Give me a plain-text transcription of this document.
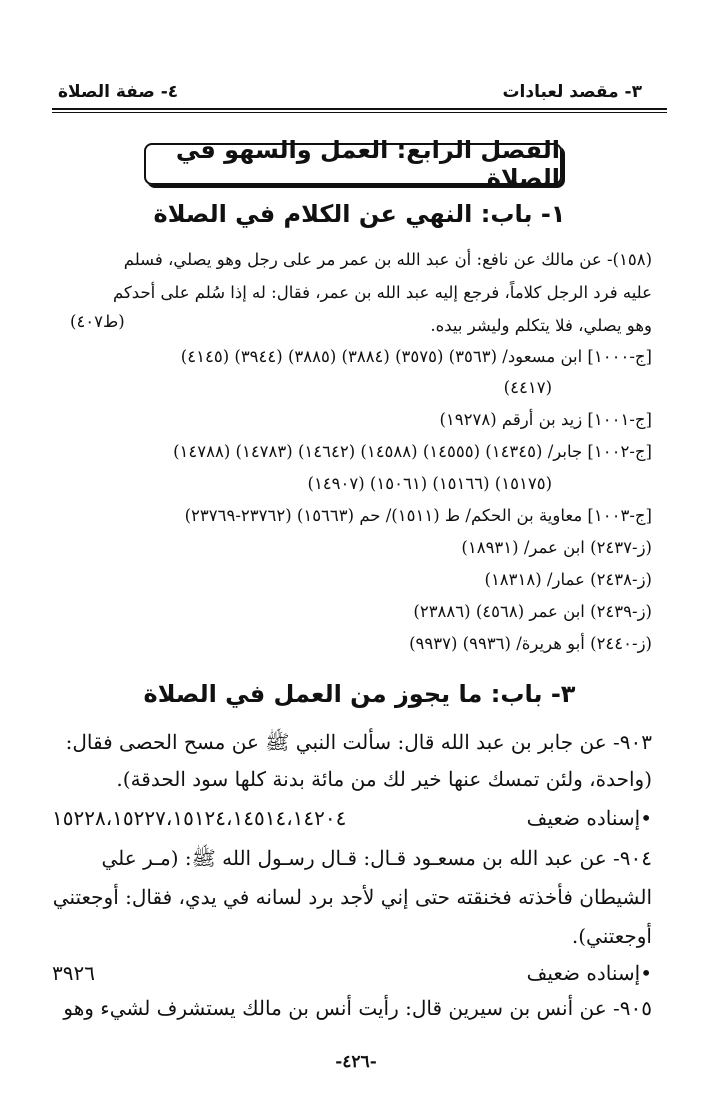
٣- مقصد لعبادات
٤- صفة الصلاة
الفصل الرابع: العمل والسهو في الصلاة
١- باب: النهي عن الكلام في الصلاة
(١٥٨)- عن مالك عن نافع: أن عبد الله بن عمر مر على رجل وهو يصلي، فسلم
عليه فرد الرجل كلاماً، فرجع إليه عبد الله بن عمر، فقال: له إذا سُلم على أحدكم
وهو يصلي، فلا يتكلم وليشر بيده.
(ط٤٠٧)
[ج-١٠٠٠] ابن مسعود/ (٣٥٦٣) (٣٥٧٥) (٣٨٨٤) (٣٨٨٥) (٣٩٤٤) (٤١٤٥)
(٤٤١٧)
[ج-١٠٠١] زيد بن أرقم (١٩٢٧٨)
[ج-١٠٠٢] جابر/ (١٤٣٤٥) (١٤٥٥٥) (١٤٥٨٨) (١٤٦٤٢) (١٤٧٨٣) (١٤٧٨٨)
(١٤٩٠٧) (١٥٠٦١) (١٥١٦٦) (١٥١٧٥)
[ج-١٠٠٣] معاوية بن الحكم/ ط (١٥١١)/ حم (١٥٦٦٣) (٢٣٧٦٢-٢٣٧٦٩)
(ز-٢٤٣٧) ابن عمر/ (١٨٩٣١)
(ز-٢٤٣٨) عمار/ (١٨٣١٨)
(ز-٢٤٣٩) ابن عمر (٤٥٦٨) (٢٣٨٨٦)
(ز-٢٤٤٠) أبو هريرة/ (٩٩٣٦) (٩٩٣٧)
٣- باب: ما يجوز من العمل في الصلاة
٩٠٣- عن جابر بن عبد الله قال: سألت النبي ﷺ عن مسح الحصى فقال:
(واحدة، ولئن تمسك عنها خير لك من مائة بدنة كلها سود الحدقة).
•إسناده ضعيف
١٥٢٢٨،١٥٢٢٧،١٥١٢٤،١٤٥١٤،١٤٢٠٤
٩٠٤- عن عبد الله بن مسعـود قـال: قـال رسـول الله ﷺ: (مـر علي
الشيطان فأخذته فخنقته حتى إني لأجد برد لسانه في يدي، فقال: أوجعتني
أوجعتني).
•إسناده ضعيف
٣٩٢٦
٩٠٥- عن أنس بن سيرين قال: رأيت أنس بن مالك يستشرف لشيء وهو
-٤٢٦-
